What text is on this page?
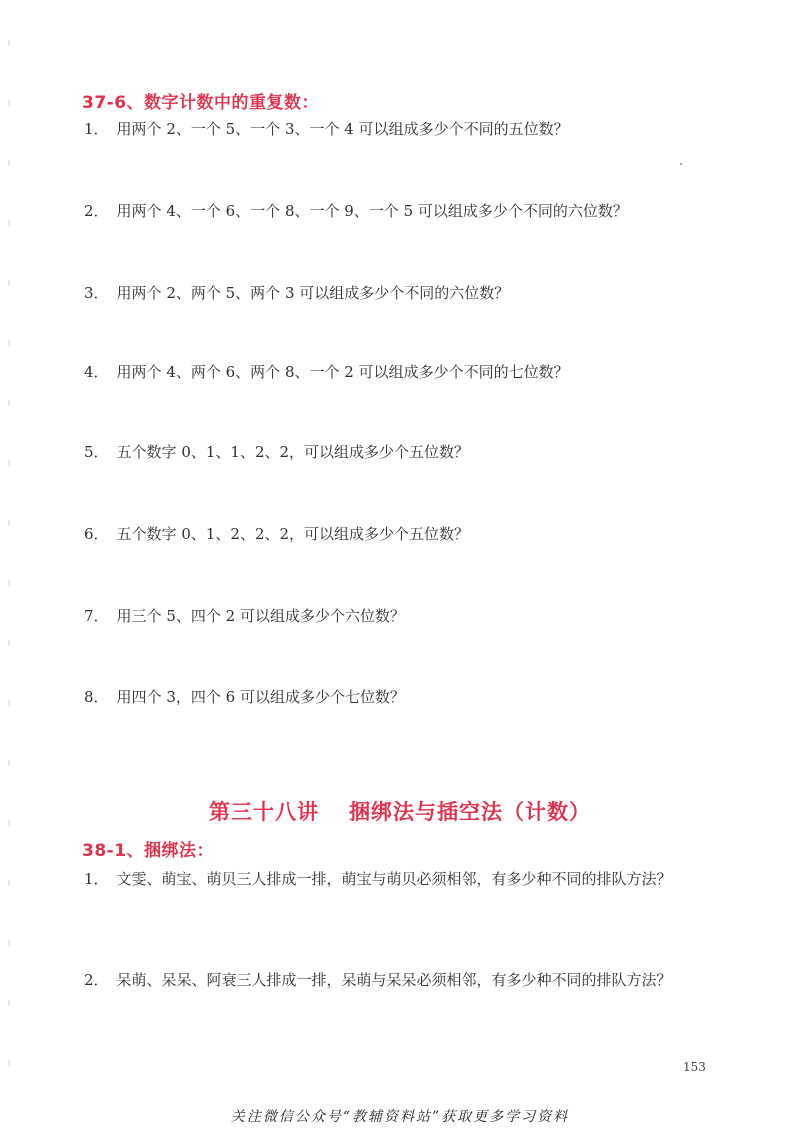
37-6、数字计数中的重复数：
1． 用两个 2、一个 5、一个 3、一个 4 可以组成多少个不同的五位数？
2． 用两个 4、一个 6、一个 8、一个 9、一个 5 可以组成多少个不同的六位数？
3． 用两个 2、两个 5、两个 3 可以组成多少个不同的六位数？
4． 用两个 4、两个 6、两个 8、一个 2 可以组成多少个不同的七位数？
5． 五个数字 0、1、1、2、2，可以组成多少个五位数？
6． 五个数字 0、1、2、2、2，可以组成多少个五位数？
7． 用三个 5、四个 2 可以组成多少个六位数？
8． 用四个 3，四个 6 可以组成多少个七位数？
第三十八讲 捆绑法与插空法（计数）
38-1、捆绑法：
1． 文雯、萌宝、萌贝三人排成一排，萌宝与萌贝必须相邻，有多少种不同的排队方法？
2． 呆萌、呆呆、阿衰三人排成一排，呆萌与呆呆必须相邻，有多少种不同的排队方法？
153
关注微信公众号“教辅资料站”获取更多学习资料
